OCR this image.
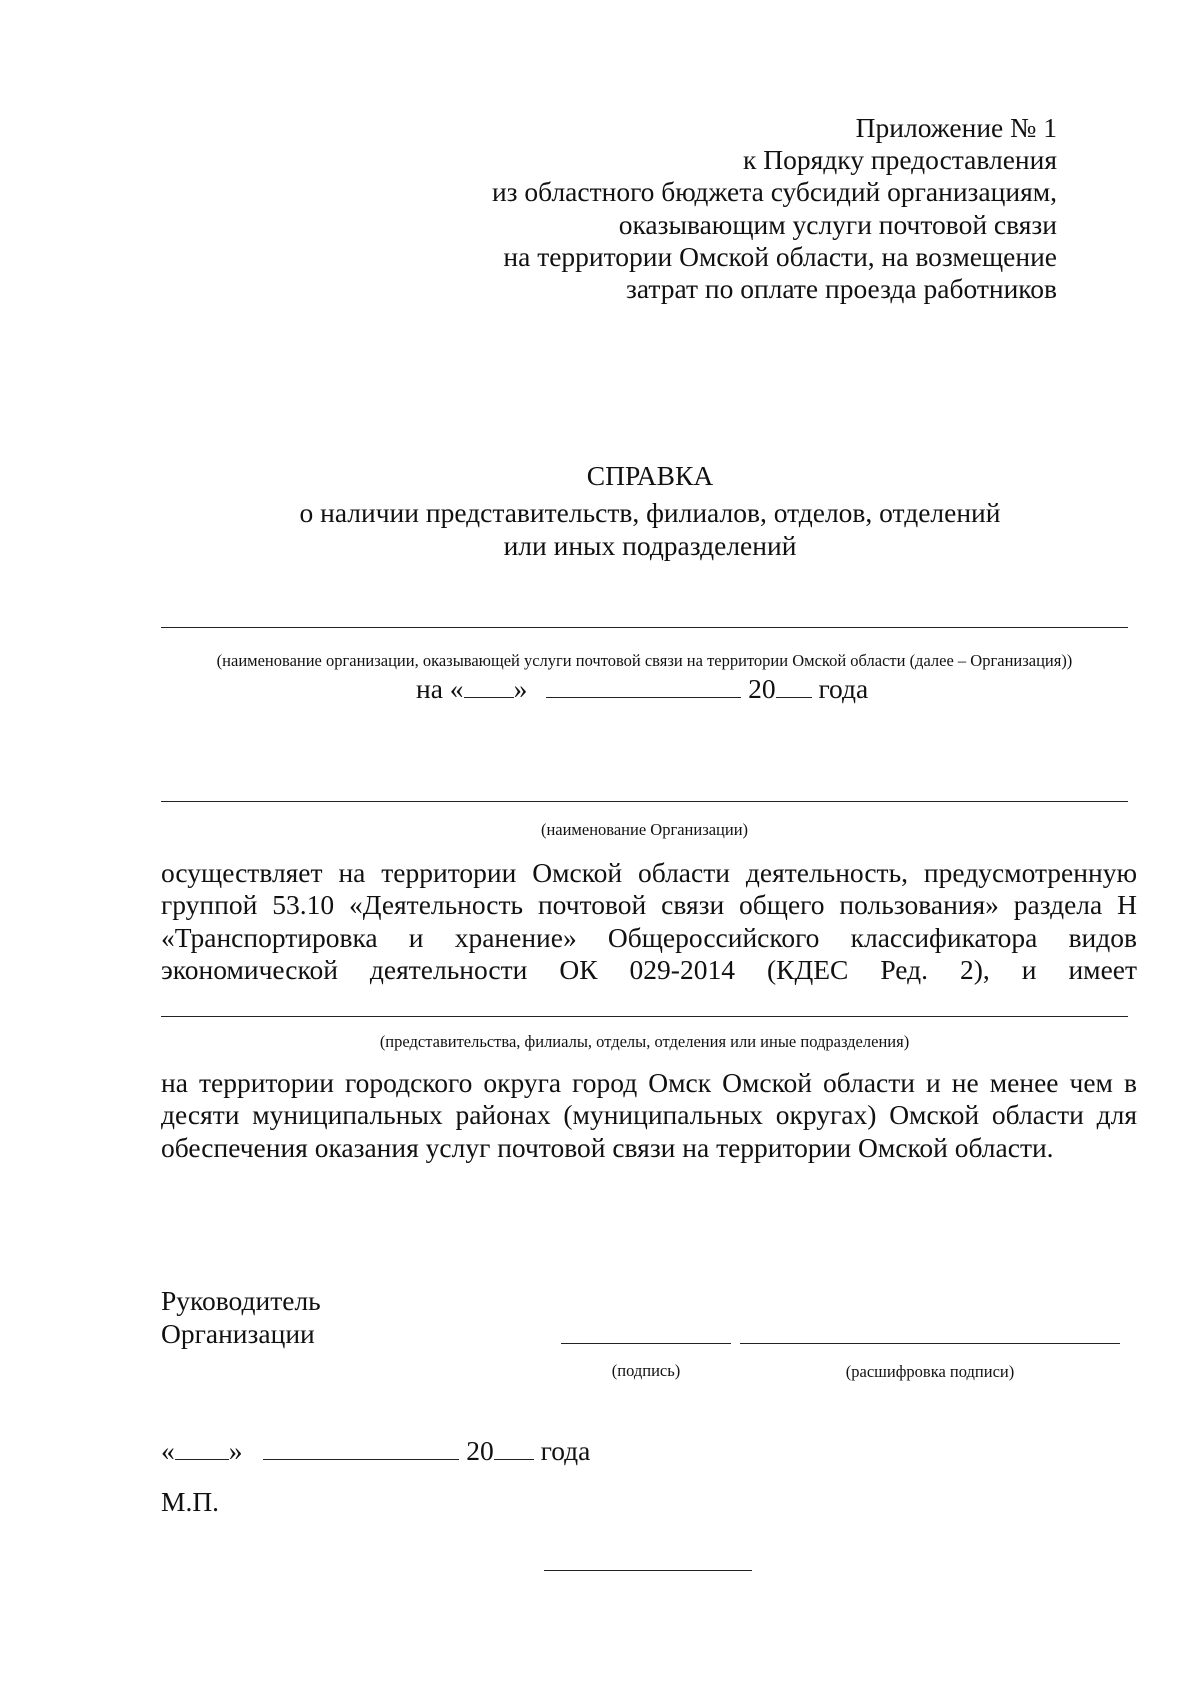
Приложение № 1
к Порядку предоставления
из областного бюджета субсидий организациям,
оказывающим услуги почтовой связи
на территории Омской области, на возмещение
затрат по оплате проезда работников
СПРАВКА
о наличии представительств, филиалов, отделов, отделений
или иных подразделений
(наименование организации, оказывающей услуги почтовой связи на территории Омской области (далее – Организация))
на « »	20 года
(наименование Организации)
осуществляет на территории Омской области деятельность, предусмотренную
группой 53.10 «Деятельность почтовой связи общего пользования» раздела H
«Транспортировка и хранение» Общероссийского классификатора видов
экономической деятельности ОК 029-2014 (КДЕС Ред. 2), и имеет
(представительства, филиалы, отделы, отделения или иные подразделения)
на территории городского округа город Омск Омской области и не менее чем в
десяти муниципальных районах (муниципальных округах) Омской области для
обеспечения оказания услуг почтовой связи на территории Омской области.
Руководитель
Организации
(подпись)	(расшифровка подписи)
« »	20 года
М.П.
